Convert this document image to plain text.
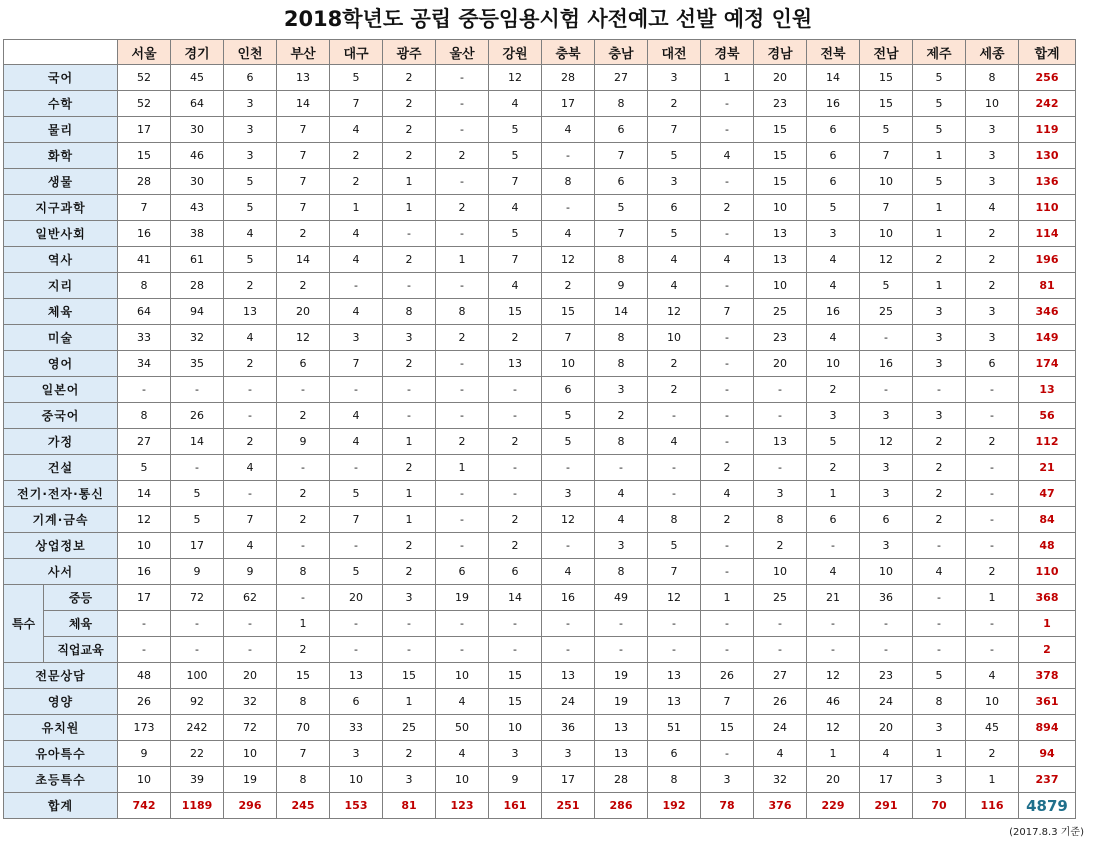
2018학년도 공립 중등임용시험 사전예고 선발 예정 인원
		서울	경기	인천	부산	대구	광주	울산	강원	충북	충남	대전	경북	경남	전북	전남	제주	세종	합계
국어		52	45	6	13	5	2	-	12	28	27	3	1	20	14	15	5	8	256
수학		52	64	3	14	7	2	-	4	17	8	2	-	23	16	15	5	10	242
물리		17	30	3	7	4	2	-	5	4	6	7	-	15	6	5	5	3	119
화학		15	46	3	7	2	2	2	5	-	7	5	4	15	6	7	1	3	130
생물		28	30	5	7	2	1	-	7	8	6	3	-	15	6	10	5	3	136
지구과학		7	43	5	7	1	1	2	4	-	5	6	2	10	5	7	1	4	110
일반사회		16	38	4	2	4	-	-	5	4	7	5	-	13	3	10	1	2	114
역사		41	61	5	14	4	2	1	7	12	8	4	4	13	4	12	2	2	196
지리		8	28	2	2	-	-	-	4	2	9	4	-	10	4	5	1	2	81
체육		64	94	13	20	4	8	8	15	15	14	12	7	25	16	25	3	3	346
미술		33	32	4	12	3	3	2	2	7	8	10	-	23	4	-	3	3	149
영어		34	35	2	6	7	2	-	13	10	8	2	-	20	10	16	3	6	174
일본어		-	-	-	-	-	-	-	-	6	3	2	-	-	2	-	-	-	13
중국어		8	26	-	2	4	-	-	-	5	2	-	-	-	3	3	3	-	56
가정		27	14	2	9	4	1	2	2	5	8	4	-	13	5	12	2	2	112
건설		5	-	4	-	-	2	1	-	-	-	-	2	-	2	3	2	-	21
전기·전자·통신		14	5	-	2	5	1	-	-	3	4	-	4	3	1	3	2	-	47
기계·금속		12	5	7	2	7	1	-	2	12	4	8	2	8	6	6	2	-	84
상업정보		10	17	4	-	-	2	-	2	-	3	5	-	2	-	3	-	-	48
사서		16	9	9	8	5	2	6	6	4	8	7	-	10	4	10	4	2	110
특수	중등	17	72	62	-	20	3	19	14	16	49	12	1	25	21	36	-	1	368
	체육	-	-	-	1	-	-	-	-	-	-	-	-	-	-	-	-	-	1
	직업교육	-	-	-	2	-	-	-	-	-	-	-	-	-	-	-	-	-	2
전문상담		48	100	20	15	13	15	10	15	13	19	13	26	27	12	23	5	4	378
영양		26	92	32	8	6	1	4	15	24	19	13	7	26	46	24	8	10	361
유치원		173	242	72	70	33	25	50	10	36	13	51	15	24	12	20	3	45	894
유아특수		9	22	10	7	3	2	4	3	3	13	6	-	4	1	4	1	2	94
초등특수		10	39	19	8	10	3	10	9	17	28	8	3	32	20	17	3	1	237
합계		742	1189	296	245	153	81	123	161	251	286	192	78	376	229	291	70	116	4879
(2017.8.3 기준)
